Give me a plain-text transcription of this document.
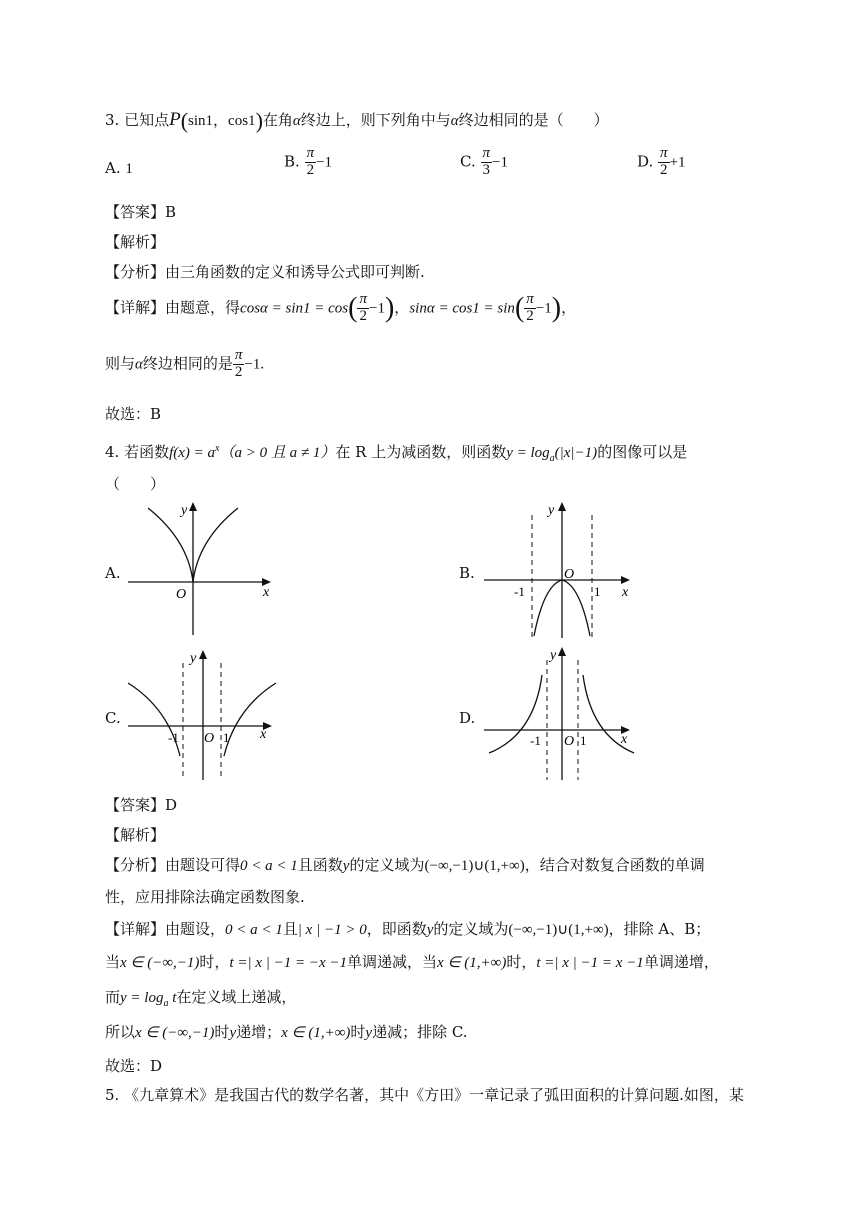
3. 已知点P(sin1，cos1)在角α终边上，则下列角中与α终边相同的是（　　）
A. 1	B. $\frac{\pi}{2} -1$	C. $\frac{\pi}{3} -1$	D. $\frac{\pi}{2} +1$
【答案】B
【解析】
【分析】由三角函数的定义和诱导公式即可判断.
【详解】由题意，得$\cos\alpha = \sin 1 = \cos( \frac{\pi}{2} -1)$，$\sin\alpha = \cos 1 = \sin( \frac{\pi}{2} -1)$，
则与α终边相同的是 $\frac{\pi}{2} -1$.
故选：B
4. 若函数$f(x) = a^x(a > 0$ 且 a ≠ 1）在 R 上为减函数，则函数$y = \log_a(|x|-1)$的图像可以是
（　　）
A.
y
x
O
B.
y
x
O
-1	1
C.
y
x
O
-1	1
D.
y
x
O
-1	1
【答案】D
【解析】
【分析】由题设可得0 < a < 1且函数y的定义域为(−∞,−1)∪(1,+∞)，结合对数复合函数的单调
性，应用排除法确定函数图象.
【详解】由题设，0 < a < 1且| x | −1 > 0，即函数y的定义域为(−∞,−1)∪(1,+∞)，排除 A、B；
当x ∈ (−∞,−1)时，t =| x | −1 = −x −1单调递减，当x ∈ (1,+∞)时，t =| x | −1 = x −1单调递增，
而$y = \log_a t$在定义域上递减，
所以x ∈ (−∞,−1)时y递增；x ∈ (1,+∞)时y递减；排除 C.
故选：D
5. 《九章算术》是我国古代的数学名著，其中《方田》一章记录了弧田面积的计算问题.如图，某
